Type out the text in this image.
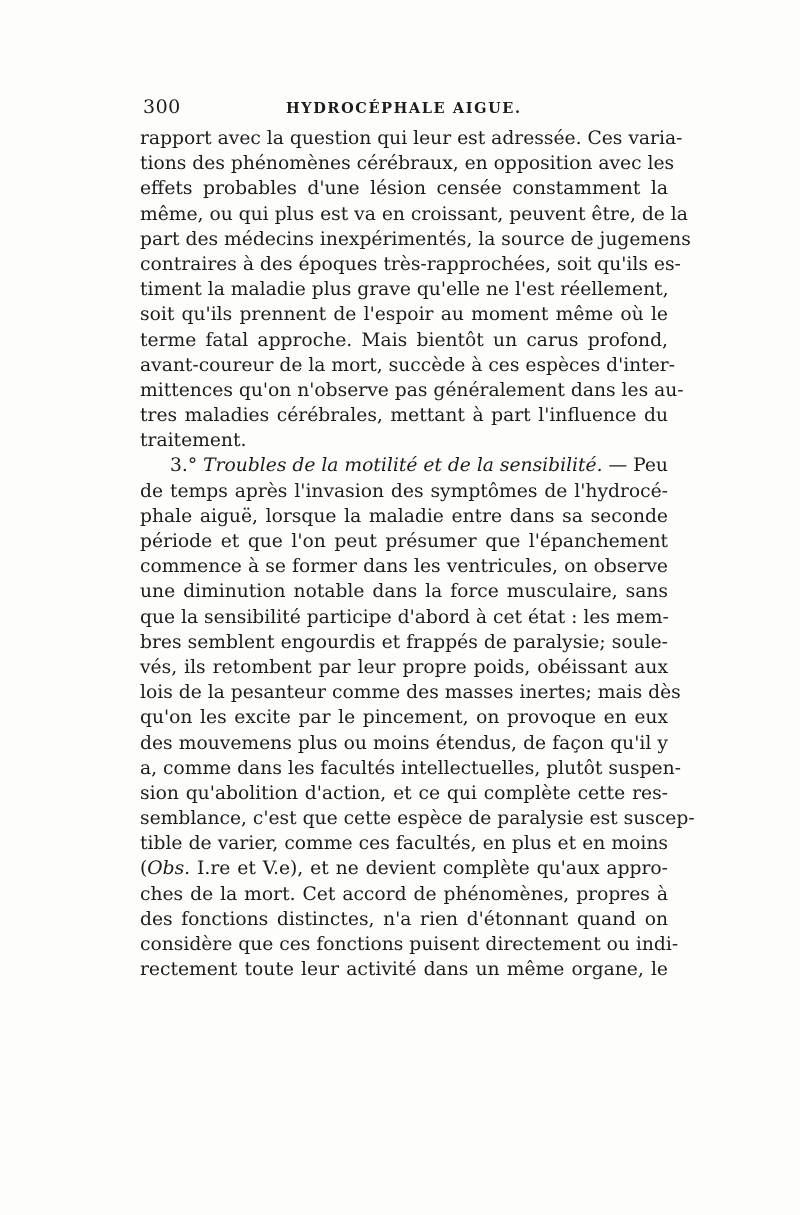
300	HYDROCÉPHALE AIGUE.
rapport avec la question qui leur est adressée. Ces varia-
tions des phénomènes cérébraux, en opposition avec les
effets probables d'une lésion censée constamment la
même, ou qui plus est va en croissant, peuvent être, de la
part des médecins inexpérimentés, la source de jugemens
contraires à des époques très-rapprochées, soit qu'ils es-
timent la maladie plus grave qu'elle ne l'est réellement,
soit qu'ils prennent de l'espoir au moment même où le
terme fatal approche. Mais bientôt un carus profond,
avant-coureur de la mort, succède à ces espèces d'inter-
mittences qu'on n'observe pas généralement dans les au-
tres maladies cérébrales, mettant à part l'influence du
traitement.
3.° Troubles de la motilité et de la sensibilité. — Peu
de temps après l'invasion des symptômes de l'hydrocé-
phale aiguë, lorsque la maladie entre dans sa seconde
période et que l'on peut présumer que l'épanchement
commence à se former dans les ventricules, on observe
une diminution notable dans la force musculaire, sans
que la sensibilité participe d'abord à cet état : les mem-
bres semblent engourdis et frappés de paralysie; soule-
vés, ils retombent par leur propre poids, obéissant aux
lois de la pesanteur comme des masses inertes; mais dès
qu'on les excite par le pincement, on provoque en eux
des mouvemens plus ou moins étendus, de façon qu'il y
a, comme dans les facultés intellectuelles, plutôt suspen-
sion qu'abolition d'action, et ce qui complète cette res-
semblance, c'est que cette espèce de paralysie est suscep-
tible de varier, comme ces facultés, en plus et en moins
(Obs. I.re et V.e), et ne devient complète qu'aux appro-
ches de la mort. Cet accord de phénomènes, propres à
des fonctions distinctes, n'a rien d'étonnant quand on
considère que ces fonctions puisent directement ou indi-
rectement toute leur activité dans un même organe, le
